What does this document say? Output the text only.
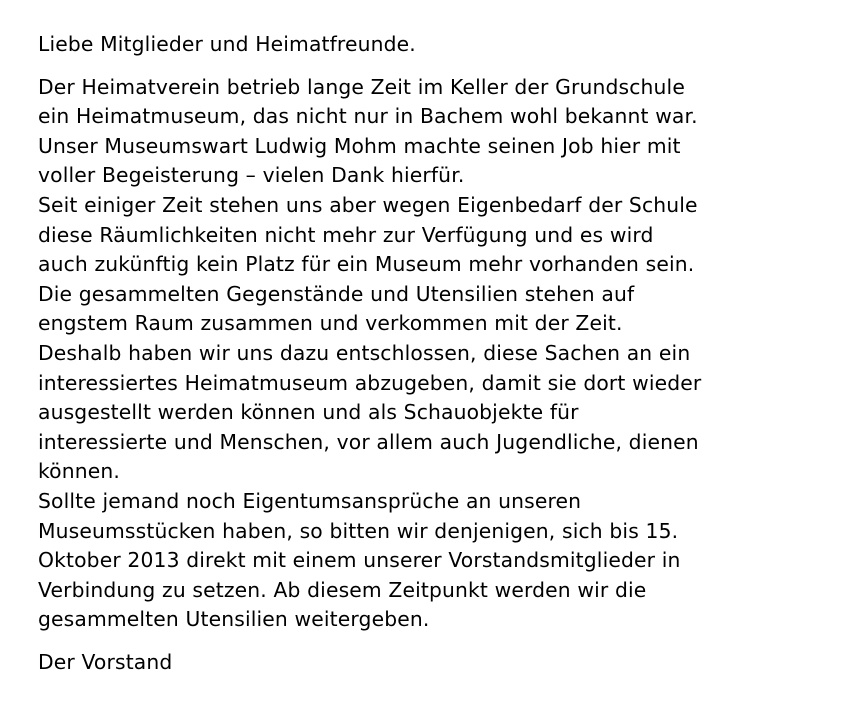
Liebe Mitglieder und Heimatfreunde.

Der Heimatverein betrieb lange Zeit im Keller der Grundschule
ein Heimatmuseum, das nicht nur in Bachem wohl bekannt war.
Unser Museumswart Ludwig Mohm machte seinen Job hier mit
voller Begeisterung – vielen Dank hierfür.
Seit einiger Zeit stehen uns aber wegen Eigenbedarf der Schule
diese Räumlichkeiten nicht mehr zur Verfügung und es wird
auch zukünftig kein Platz für ein Museum mehr vorhanden sein.
Die gesammelten Gegenstände und Utensilien stehen auf
engstem Raum zusammen und verkommen mit der Zeit.
Deshalb haben wir uns dazu entschlossen, diese Sachen an ein
interessiertes Heimatmuseum abzugeben, damit sie dort wieder
ausgestellt werden können und als Schauobjekte für
interessierte und Menschen, vor allem auch Jugendliche, dienen
können.
Sollte jemand noch Eigentumsansprüche an unseren
Museumsstücken haben, so bitten wir denjenigen, sich bis 15.
Oktober 2013 direkt mit einem unserer Vorstandsmitglieder in
Verbindung zu setzen. Ab diesem Zeitpunkt werden wir die
gesammelten Utensilien weitergeben.

Der Vorstand
